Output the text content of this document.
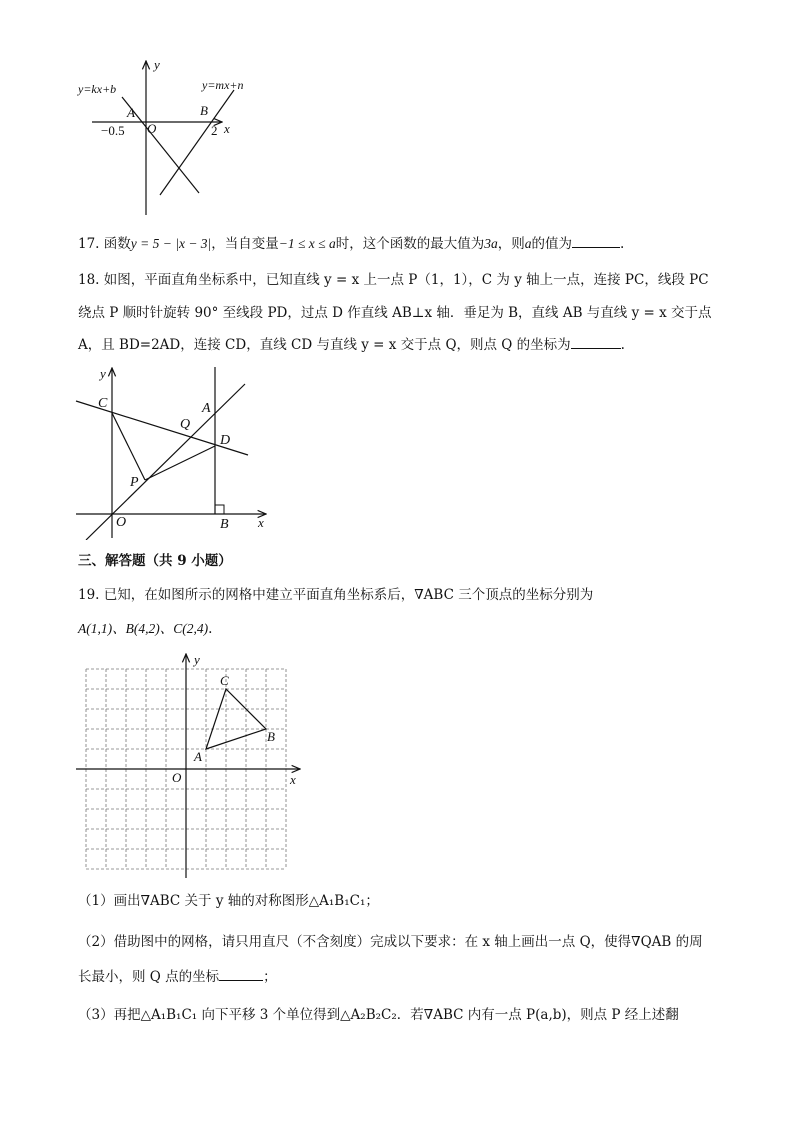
y
x
y=kx+b	y=mx+n
A	B
O
−0.5	2
17. 函数y = 5 − |x − 3|，当自变量−1 ≤ x ≤ a时，这个函数的最大值为3a，则a的值为	.
18. 如图，平面直角坐标系中，已知直线 y = x 上一点 P（1，1），C 为 y 轴上一点，连接 PC，线段 PC
绕点 P 顺时针旋转 90° 至线段 PD，过点 D 作直线 AB⊥x 轴．垂足为 B，直线 AB 与直线 y = x 交于点
A，且 BD=2AD，连接 CD，直线 CD 与直线 y = x 交于点 Q，则点 Q 的坐标为	.
y
x
C	A
Q
D
P
O	B
三、解答题（共 9 小题）
19. 已知，在如图所示的网格中建立平面直角坐标系后，∇ABC 三个顶点的坐标分别为
A(1,1)、B(4,2)、C(2,4).
y
x
A
B
C
O
（1）画出∇ABC 关于 y 轴的对称图形△A₁B₁C₁；
（2）借助图中的网格，请只用直尺（不含刻度）完成以下要求：在 x 轴上画出一点 Q，使得∇QAB 的周
长最小，则 Q 点的坐标	；
（3）再把△A₁B₁C₁ 向下平移 3 个单位得到△A₂B₂C₂．若∇ABC 内有一点 P(a,b)，则点 P 经上述翻
